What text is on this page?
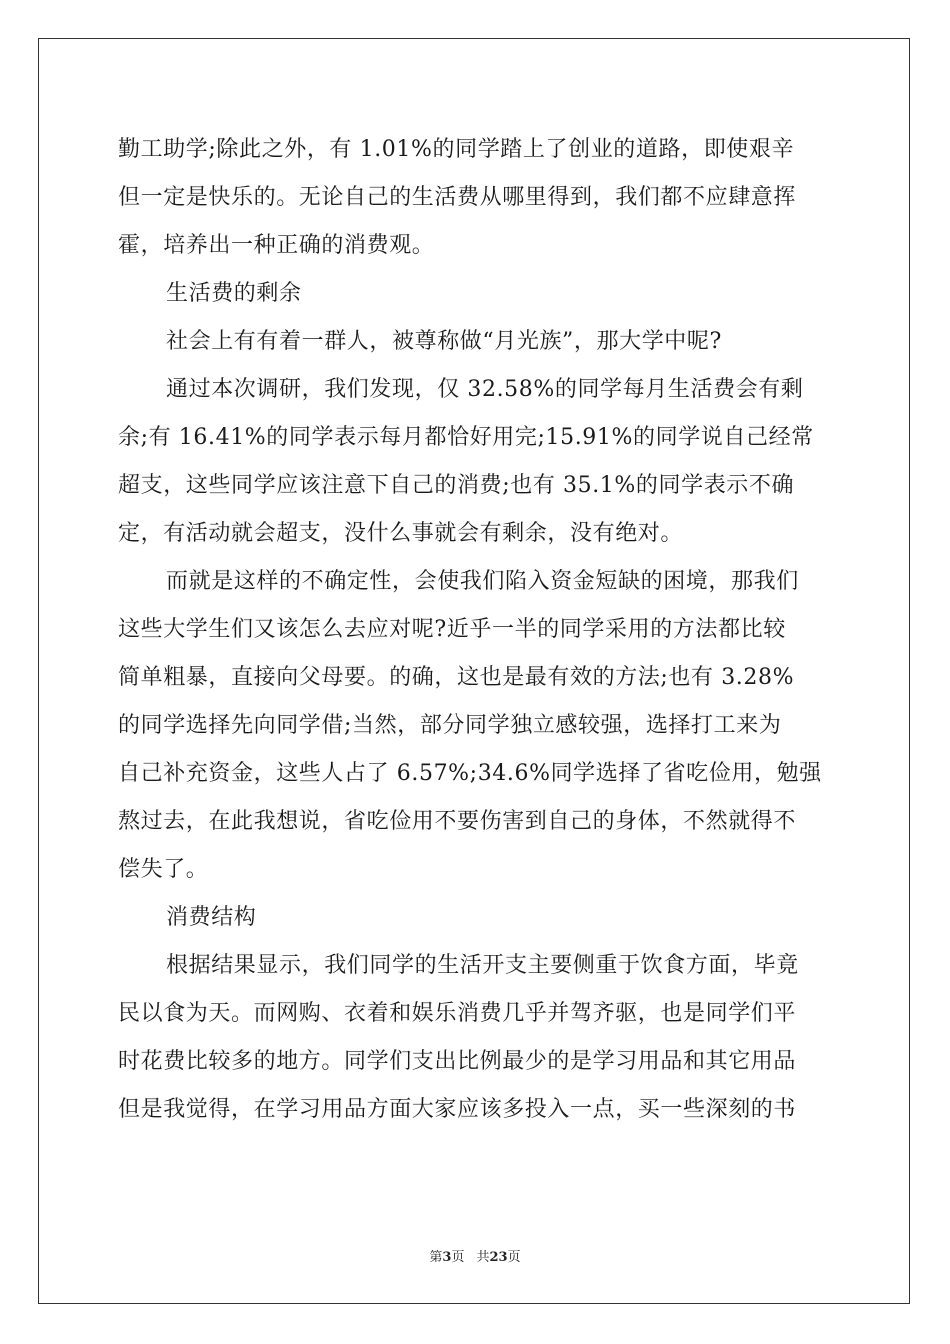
勤工助学;除此之外，有 1.01%的同学踏上了创业的道路，即使艰辛
但一定是快乐的。无论自己的生活费从哪里得到，我们都不应肆意挥
霍，培养出一种正确的消费观。
生活费的剩余
社会上有有着一群人，被尊称做“月光族”，那大学中呢?
通过本次调研，我们发现，仅 32.58%的同学每月生活费会有剩
余;有 16.41%的同学表示每月都恰好用完;15.91%的同学说自己经常
超支，这些同学应该注意下自己的消费;也有 35.1%的同学表示不确
定，有活动就会超支，没什么事就会有剩余，没有绝对。
而就是这样的不确定性，会使我们陷入资金短缺的困境，那我们
这些大学生们又该怎么去应对呢?近乎一半的同学采用的方法都比较
简单粗暴，直接向父母要。的确，这也是最有效的方法;也有 3.28%
的同学选择先向同学借;当然，部分同学独立感较强，选择打工来为
自己补充资金，这些人占了 6.57%;34.6%同学选择了省吃俭用，勉强
熬过去，在此我想说，省吃俭用不要伤害到自己的身体，不然就得不
偿失了。
消费结构
根据结果显示，我们同学的生活开支主要侧重于饮食方面，毕竟
民以食为天。而网购、衣着和娱乐消费几乎并驾齐驱，也是同学们平
时花费比较多的地方。同学们支出比例最少的是学习用品和其它用品
但是我觉得，在学习用品方面大家应该多投入一点，买一些深刻的书
第3页 共23页
